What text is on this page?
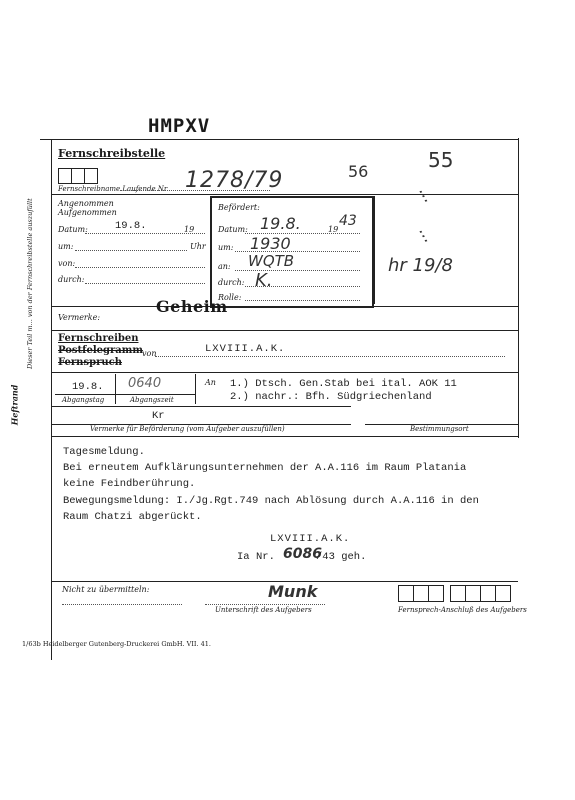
HMPXV
Heftrand
Dieser Teil m... von der Fernschreibstelle auszufüllt
Fernschreibstelle
Fernschreibname Laufende Nr. 1278/79	56
Angenommen
Aufgenommen
Datum:	19.8.	19
um:	Uhr
von:
durch:
Befördert:
Datum: 19.8.	19
43
um: 1930
an: WQTB
durch: K.
Rolle:
55
...
...
hr 19/8
Vermerke:
Geheim
Fernschreiben
Postfelegramm
Fernspruch
von	LXVIII.A.K.
19.8.
Abgangstag
0640
Abgangszeit
An 1.) Dtsch. Gen.Stab bei ital. AOK 11
2.) nachr.: Bfh. Südgriechenland
Kr
Vermerke für Beförderung (vom Aufgeber auszufüllen)	Bestimmungsort
Tagesmeldung.
Bei erneutem Aufklärungsunternehmen der A.A.116 im Raum Platania
keine Feindberührung.
Bewegungsmeldung: I./Jg.Rgt.749 nach Ablösung durch A.A.116 in den
Raum Chatzi abgerückt.
LXVIII.A.K.
Ia Nr. 6086
/43 geh.
Nicht zu übermitteln:	Munk
Unterschrift des Aufgebers	Fernsprech-Anschluß des Aufgebers
1/63b Heidelberger Gutenberg-Druckerei GmbH. VII. 41.
